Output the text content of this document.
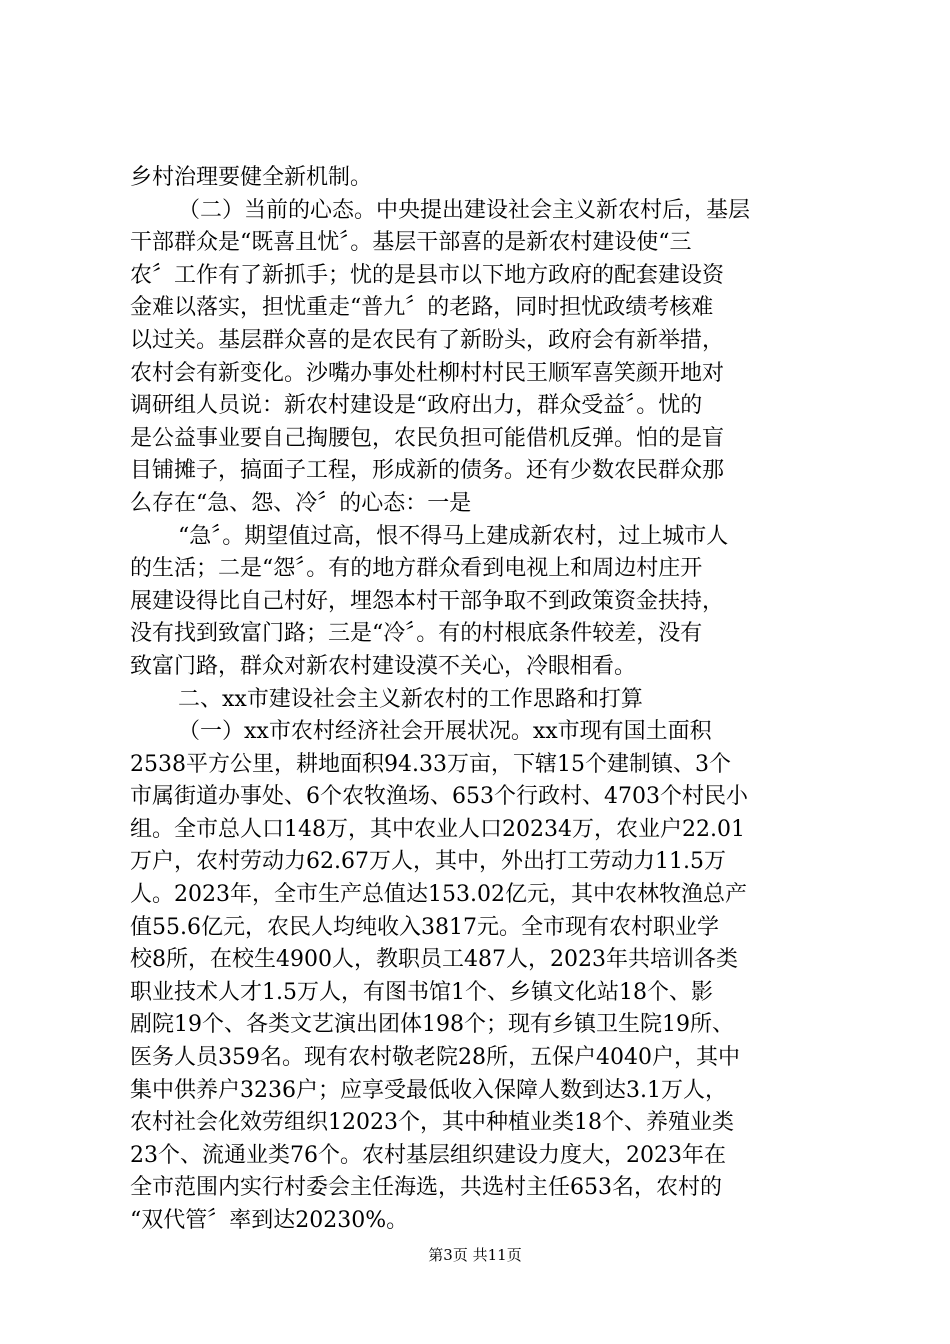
乡村治理要健全新机制。
（二）当前的心态。中央提出建设社会主义新农村后，基层
干部群众是“既喜且忧〞。基层干部喜的是新农村建设使“三
农〞工作有了新抓手；忧的是县市以下地方政府的配套建设资
金难以落实，担忧重走“普九〞的老路，同时担忧政绩考核难
以过关。基层群众喜的是农民有了新盼头，政府会有新举措，
农村会有新变化。沙嘴办事处杜柳村村民王顺军喜笑颜开地对
调研组人员说：新农村建设是“政府出力，群众受益〞。忧的
是公益事业要自己掏腰包，农民负担可能借机反弹。怕的是盲
目铺摊子，搞面子工程，形成新的债务。还有少数农民群众那
么存在“急、怨、冷〞的心态：一是
“急〞。期望值过高，恨不得马上建成新农村，过上城市人
的生活；二是“怨〞。有的地方群众看到电视上和周边村庄开
展建设得比自己村好，埋怨本村干部争取不到政策资金扶持，
没有找到致富门路；三是“冷〞。有的村根底条件较差，没有
致富门路，群众对新农村建设漠不关心，冷眼相看。
二、xx市建设社会主义新农村的工作思路和打算
（一）xx市农村经济社会开展状况。xx市现有国土面积
2538平方公里，耕地面积94.33万亩，下辖15个建制镇、3个
市属街道办事处、6个农牧渔场、653个行政村、4703个村民小
组。全市总人口148万，其中农业人口20234万，农业户22.01
万户，农村劳动力62.67万人，其中，外出打工劳动力11.5万
人。2023年，全市生产总值达153.02亿元，其中农林牧渔总产
值55.6亿元，农民人均纯收入3817元。全市现有农村职业学
校8所，在校生4900人，教职员工487人，2023年共培训各类
职业技术人才1.5万人，有图书馆1个、乡镇文化站18个、影
剧院19个、各类文艺演出团体198个；现有乡镇卫生院19所、
医务人员359名。现有农村敬老院28所，五保户4040户，其中
集中供养户3236户；应享受最低收入保障人数到达3.1万人，
农村社会化效劳组织12023个，其中种植业类18个、养殖业类
23个、流通业类76个。农村基层组织建设力度大，2023年在
全市范围内实行村委会主任海选，共选村主任653名，农村的
“双代管〞率到达20230%。
第3页 共11页
